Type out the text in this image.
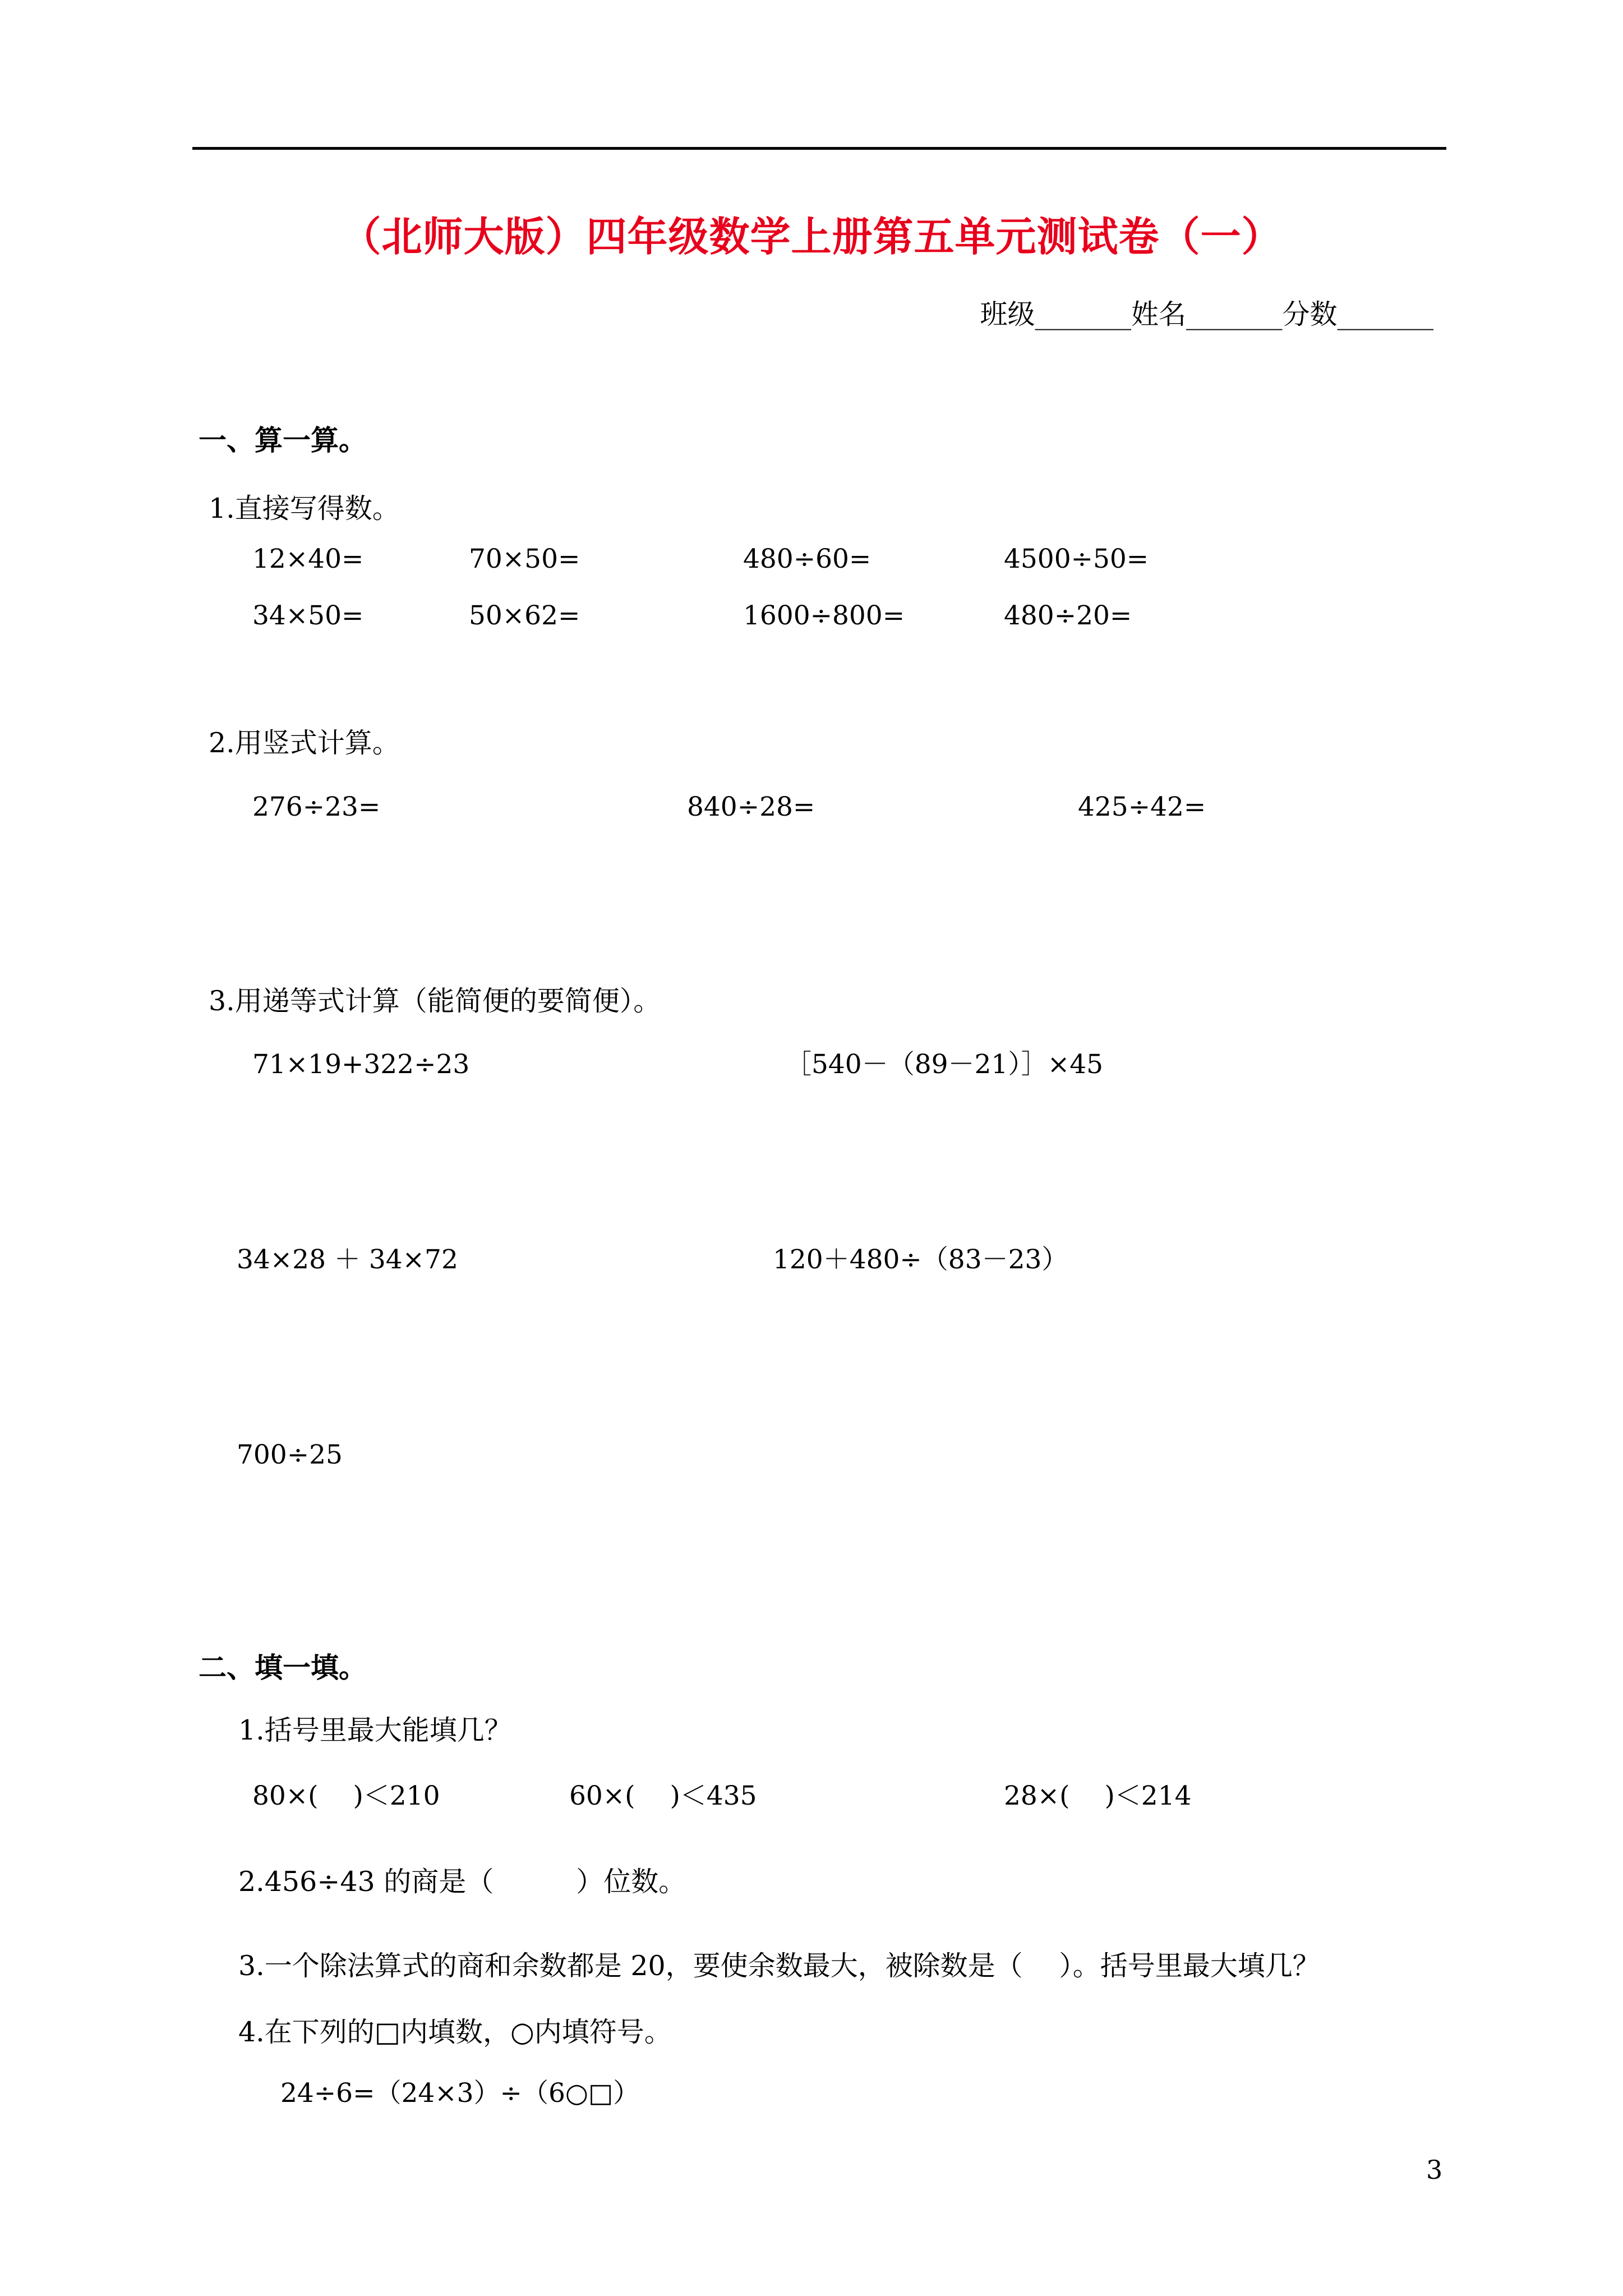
（北师大版）四年级数学上册第五单元测试卷（一）
班级_______姓名_______分数_______
一、算一算。
1.直接写得数。
12×40=	70×50=	480÷60=	4500÷50=
34×50=	50×62=	1600÷800=	480÷20=
2.用竖式计算。
276÷23=	840÷28=	425÷42=
3.用递等式计算（能简便的要简便）。
71×19+322÷23	［540－（89－21）］×45
34×28 ＋ 34×72	120＋480÷（83－23）
700÷25
二、填一填。
1.括号里最大能填几？
80×(　 )＜210	60×(　 )＜435	28×(　 )＜214
2.456÷43 的商是（　　　）位数。
3.一个除法算式的商和余数都是 20，要使余数最大，被除数是（　 ）。括号里最大填几？
4.在下列的□内填数，○内填符号。
24÷6=（24×3）÷（6○□）
3
